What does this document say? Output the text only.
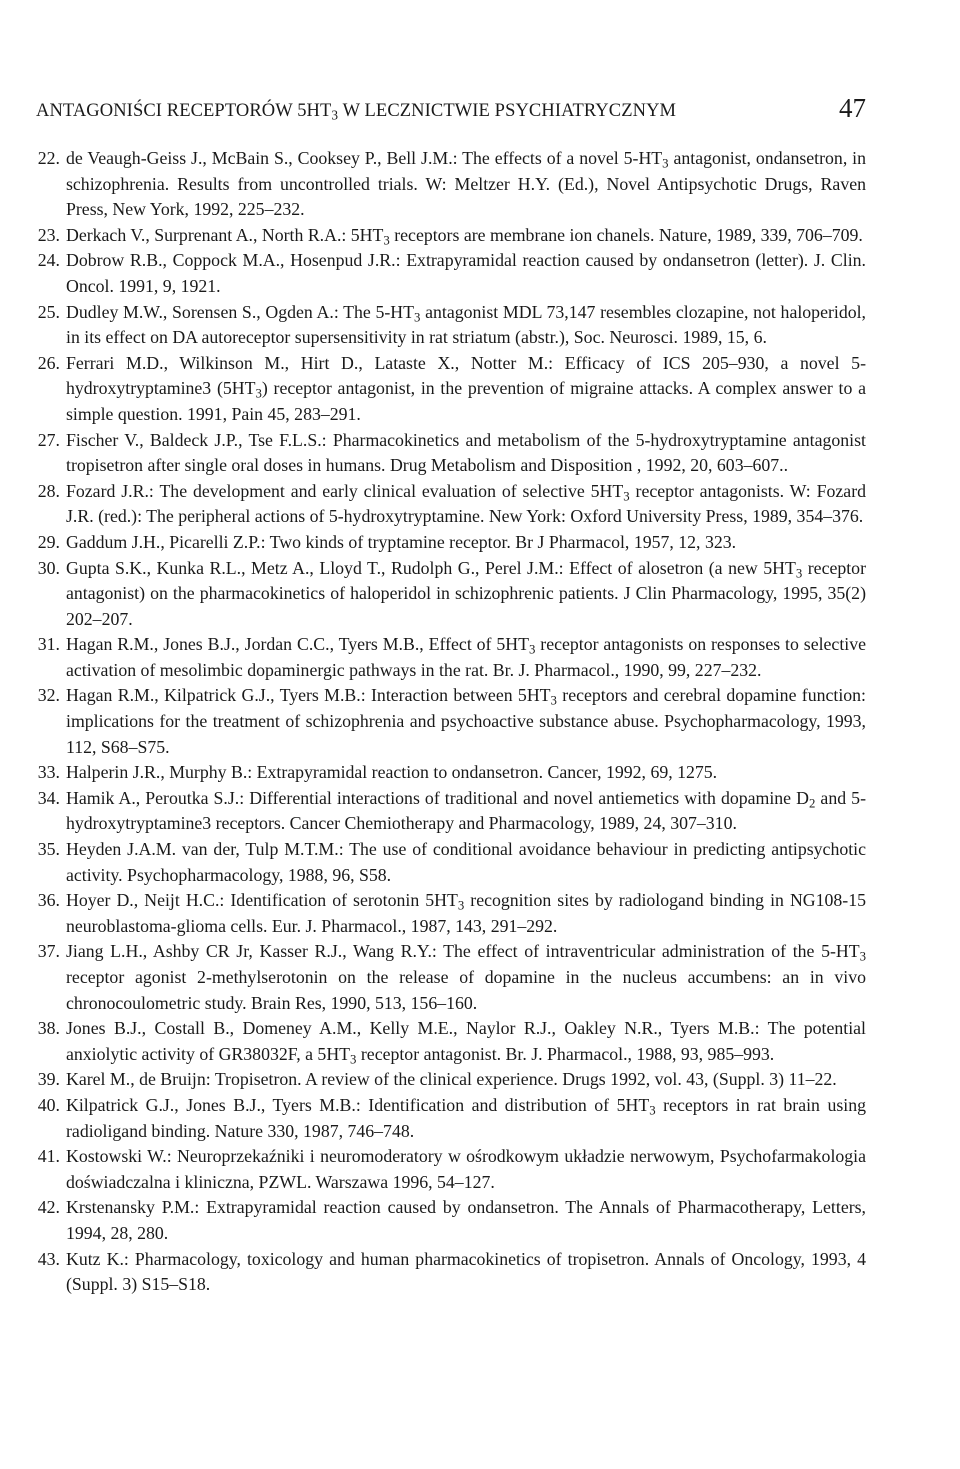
ANTAGONIŚCI RECEPTORÓW $5HT_3$ W LECZNICTWIE PSYCHIATRYCZNYM	47
22. de Veaugh-Geiss J., McBain S., Cooksey P., Bell J.M.: The effects of a novel $5-HT_3$ antagonist, ondansetron, in schizophrenia. Results from uncontrolled trials. W: Meltzer H.Y. (Ed.), Novel Antipsychotic Drugs, Raven Press, New York, 1992, 225–232.
23. Derkach V., Surprenant A., North R.A.: $5HT_3$ receptors are membrane ion chanels. Nature, 1989, 339, 706–709.
24. Dobrow R.B., Coppock M.A., Hosenpud J.R.: Extrapyramidal reaction caused by ondansetron (letter). J. Clin. Oncol. 1991, 9, 1921.
25. Dudley M.W., Sorensen S., Ogden A.: The $5-HT_3$ antagonist MDL 73,147 resembles clozapine, not haloperidol, in its effect on DA autoreceptor supersensitivity in rat striatum (abstr.), Soc. Neurosci. 1989, 15, 6.
26. Ferrari M.D., Wilkinson M., Hirt D., Lataste X., Notter M.: Efficacy of ICS 205–930, a novel 5-hydroxytryptamine3 $(5HT_3)$ receptor antagonist, in the prevention of migraine attacks. A complex answer to a simple question. 1991, Pain 45, 283–291.
27. Fischer V., Baldeck J.P., Tse F.L.S.: Pharmacokinetics and metabolism of the 5-hydroxytryptamine antagonist tropisetron after single oral doses in humans. Drug Metabolism and Disposition , 1992, 20, 603–607..
28. Fozard J.R.: The development and early clinical evaluation of selective $5HT_3$ receptor antagonists. W: Fozard J.R. (red.): The peripheral actions of 5-hydroxytryptamine. New York: Oxford University Press, 1989, 354–376.
29. Gaddum J.H., Picarelli Z.P.: Two kinds of tryptamine receptor. Br J Pharmacol, 1957, 12, 323.
30. Gupta S.K., Kunka R.L., Metz A., Lloyd T., Rudolph G., Perel J.M.: Effect of alosetron (a new $5HT_3$ receptor antagonist) on the pharmacokinetics of haloperidol in schizophrenic patients. J Clin Pharmacology, 1995, 35(2) 202–207.
31. Hagan R.M., Jones B.J., Jordan C.C., Tyers M.B., Effect of $5HT_3$ receptor antagonists on responses to selective activation of mesolimbic dopaminergic pathways in the rat. Br. J. Pharmacol., 1990, 99, 227–232.
32. Hagan R.M., Kilpatrick G.J., Tyers M.B.: Interaction between $5HT_3$ receptors and cerebral dopamine function: implications for the treatment of schizophrenia and psychoactive substance abuse. Psychopharmacology, 1993, 112, S68–S75.
33. Halperin J.R., Murphy B.: Extrapyramidal reaction to ondansetron. Cancer, 1992, 69, 1275.
34. Hamik A., Peroutka S.J.: Differential interactions of traditional and novel antiemetics with dopamine $D_2$ and 5-hydroxytryptamine3 receptors. Cancer Chemiotherapy and Pharmacology, 1989, 24, 307–310.
35. Heyden J.A.M. van der, Tulp M.T.M.: The use of conditional avoidance behaviour in predicting antipsychotic activity. Psychopharmacology, 1988, 96, S58.
36. Hoyer D., Neijt H.C.: Identification of serotonin $5HT_3$ recognition sites by radiologand binding in NG108-15 neuroblastoma-glioma cells. Eur. J. Pharmacol., 1987, 143, 291–292.
37. Jiang L.H., Ashby CR Jr, Kasser R.J., Wang R.Y.: The effect of intraventricular administration of the $5-HT_3$ receptor agonist 2-methylserotonin on the release of dopamine in the nucleus accumbens: an in vivo chronocoulometric study. Brain Res, 1990, 513, 156–160.
38. Jones B.J., Costall B., Domeney A.M., Kelly M.E., Naylor R.J., Oakley N.R., Tyers M.B.: The potential anxiolytic activity of GR38032F, a $5HT_3$ receptor antagonist. Br. J. Pharmacol., 1988, 93, 985–993.
39. Karel M., de Bruijn: Tropisetron. A review of the clinical experience. Drugs 1992, vol. 43, (Suppl. 3) 11–22.
40. Kilpatrick G.J., Jones B.J., Tyers M.B.: Identification and distribution of $5HT_3$ receptors in rat brain using radioligand binding. Nature 330, 1987, 746–748.
41. Kostowski W.: Neuroprzekaźniki i neuromoderatory w ośrodkowym układzie nerwowym, Psychofarmakologia doświadczalna i kliniczna, PZWL. Warszawa 1996, 54–127.
42. Krstenansky P.M.: Extrapyramidal reaction caused by ondansetron. The Annals of Pharmacotherapy, Letters, 1994, 28, 280.
43. Kutz K.: Pharmacology, toxicology and human pharmacokinetics of tropisetron. Annals of Oncology, 1993, 4 (Suppl. 3) S15–S18.
